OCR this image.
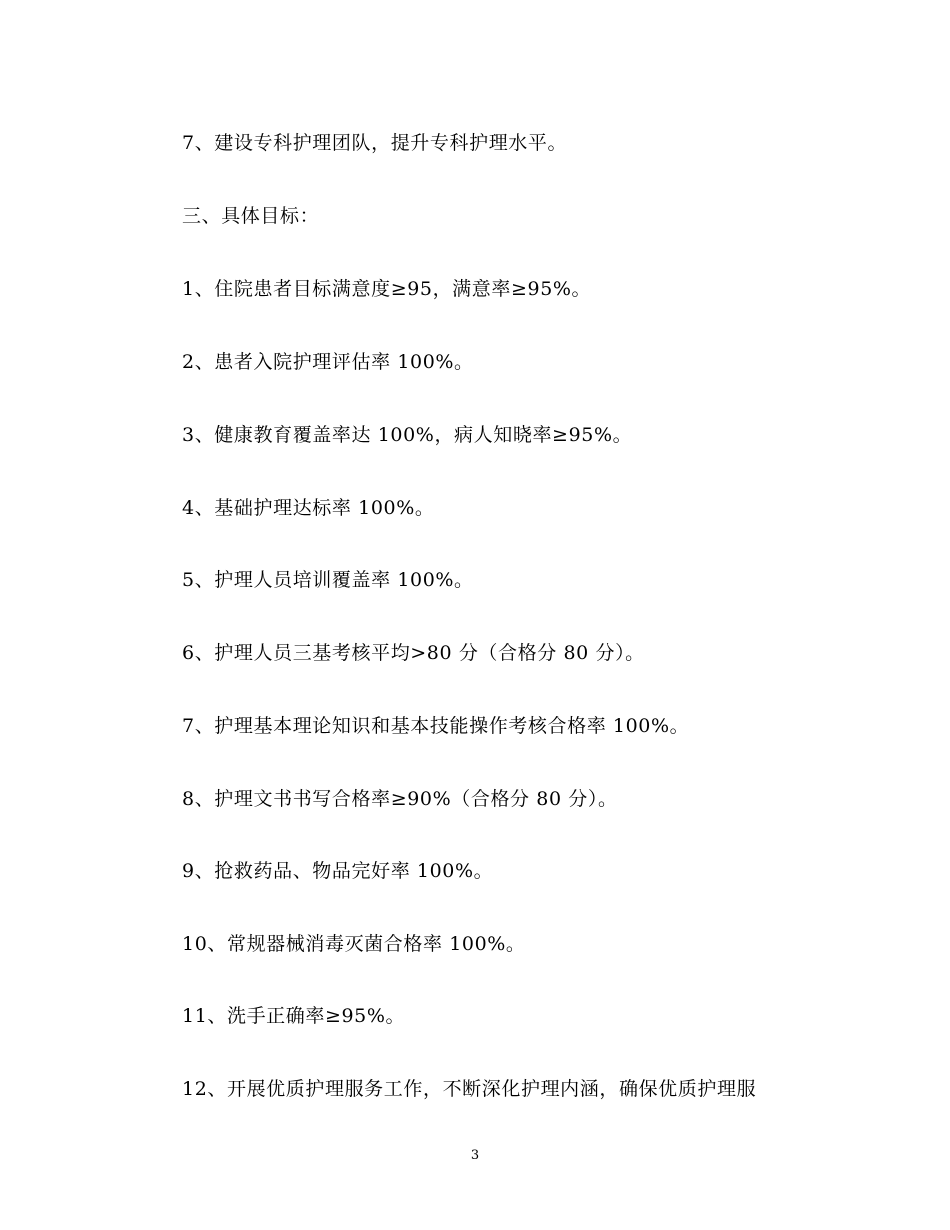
7、建设专科护理团队，提升专科护理水平。
三、具体目标：
1、住院患者目标满意度≥95，满意率≥95%。
2、患者入院护理评估率 100%。
3、健康教育覆盖率达 100%，病人知晓率≥95%。
4、基础护理达标率 100%。
5、护理人员培训覆盖率 100%。
6、护理人员三基考核平均>80 分（合格分 80 分）。
7、护理基本理论知识和基本技能操作考核合格率 100%。
8、护理文书书写合格率≥90%（合格分 80 分）。
9、抢救药品、物品完好率 100%。
10、常规器械消毒灭菌合格率 100%。
11、洗手正确率≥95%。
12、开展优质护理服务工作，不断深化护理内涵，确保优质护理服
3
